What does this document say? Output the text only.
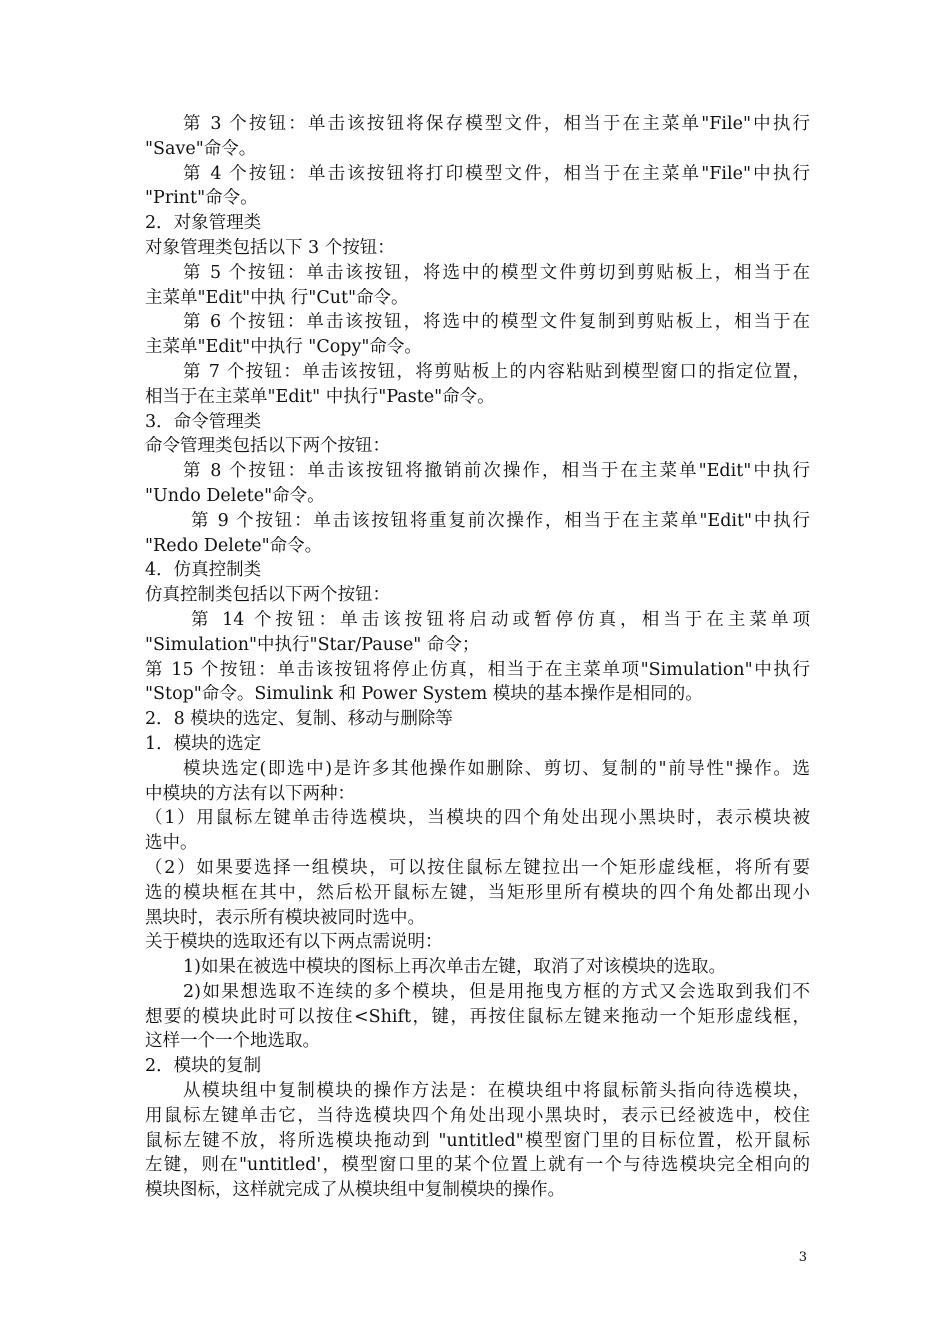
第 3 个按钮：单击该按钮将保存模型文件，相当于在主菜单"File"中执行
"Save"命令。
第 4 个按钮：单击该按钮将打印模型文件，相当于在主菜单"File"中执行
"Print"命令。
2．对象管理类
对象管理类包括以下 3 个按钮：
第 5 个按钮：单击该按钮，将选中的模型文件剪切到剪贴板上，相当于在
主菜单"Edit"中执 行"Cut"命令。
第 6 个按钮：单击该按钮，将选中的模型文件复制到剪贴板上，相当于在
主菜单"Edit"中执行 "Copy"命令。
第 7 个按钮：单击该按钮，将剪贴板上的内容粘贴到模型窗口的指定位置，
相当于在主菜单"Edit" 中执行"Paste"命令。
3．命令管理类
命令管理类包括以下两个按钮：
第 8 个按钮：单击该按钮将撤销前次操作，相当于在主菜单"Edit"中执行
"Undo Delete"命令。
第 9 个按钮：单击该按钮将重复前次操作，相当于在主菜单"Edit"中执行
"Redo Delete"命令。
4．仿真控制类
仿真控制类包括以下两个按钮：
第 14 个按钮：单击该按钮将启动或暂停仿真，相当于在主菜单项
"Simulation"中执行"Star/Pause" 命令；
第 15 个按钮：单击该按钮将停止仿真，相当于在主菜单项"Simulation"中执行
"Stop"命令。Simulink 和 Power System 模块的基本操作是相同的。
2．8 模块的选定、复制、移动与删除等
1．模块的选定
模块选定(即选中)是许多其他操作如删除、剪切、复制的"前导性"操作。选
中模块的方法有以下两种：
（1）用鼠标左键单击待选模块，当模块的四个角处出现小黑块时，表示模块被
选中。
（2）如果要选择一组模块，可以按住鼠标左键拉出一个矩形虚线框，将所有要
选的模块框在其中，然后松开鼠标左键，当矩形里所有模块的四个角处都出现小
黑块时，表示所有模块被同时选中。
关于模块的选取还有以下两点需说明：
1)如果在被选中模块的图标上再次单击左键，取消了对该模块的选取。
2)如果想选取不连续的多个模块，但是用拖曳方框的方式又会选取到我们不
想要的模块此时可以按住<Shift，键，再按住鼠标左键来拖动一个矩形虚线框，
这样一个一个地选取。
2．模块的复制
从模块组中复制模块的操作方法是：在模块组中将鼠标箭头指向待选模块，
用鼠标左键单击它，当待选模块四个角处出现小黑块时，表示已经被选中，校住
鼠标左键不放，将所选模块拖动到 "untitled"模型窗门里的目标位置，松开鼠标
左键，则在"untitled'，模型窗口里的某个位置上就有一个与待选模块完全相向的
模块图标，这样就完成了从模块组中复制模块的操作。
3
